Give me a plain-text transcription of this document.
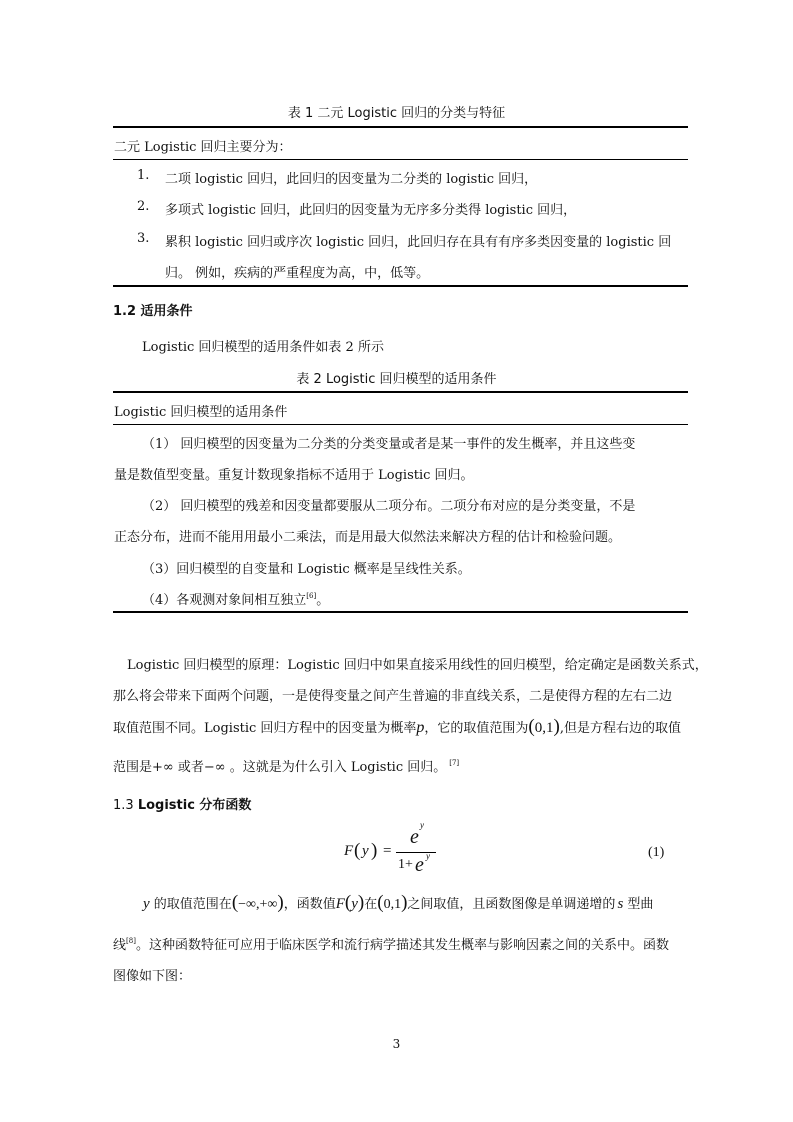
表 1 二元 Logistic 回归的分类与特征
二元 Logistic 回归主要分为：
1. 二项 logistic 回归，此回归的因变量为二分类的 logistic 回归，
2. 多项式 logistic 回归，此回归的因变量为无序多分类得 logistic 回归，
3. 累积 logistic 回归或序次 logistic 回归，此回归存在具有有序多类因变量的 logistic 回
归。 例如，疾病的严重程度为高，中，低等。
1.2 适用条件
Logistic 回归模型的适用条件如表 2 所示
表 2 Logistic 回归模型的适用条件
Logistic 回归模型的适用条件
（1） 回归模型的因变量为二分类的分类变量或者是某一事件的发生概率，并且这些变
量是数值型变量。重复计数现象指标不适用于 Logistic 回归。
（2） 回归模型的残差和因变量都要服从二项分布。二项分布对应的是分类变量，不是
正态分布，进而不能用用最小二乘法，而是用最大似然法来解决方程的估计和检验问题。
（3）回归模型的自变量和 Logistic 概率是呈线性关系。
（4）各观测对象间相互独立[6]。
Logistic 回归模型的原理：Logistic 回归中如果直接采用线性的回归模型，给定确定是函数关系式，
那么将会带来下面两个问题，一是使得变量之间产生普遍的非直线关系，二是使得方程的左右二边
取值范围不同。Logistic 回归方程中的因变量为概率p，它的取值范围为(0,1),但是方程右边的取值
范围是+∞ 或者−∞ 。这就是为什么引入 Logistic 回归。 [7]
1.3 Logistic 分布函数
F ( y ) =
e
y
1+ e y	(1)
y 的取值范围在(−∞,+∞)，函数值F(y)在(0,1)之间取值，且函数图像是单调递增的 s 型曲
线[8]。这种函数特征可应用于临床医学和流行病学描述其发生概率与影响因素之间的关系中。函数
图像如下图：
3
